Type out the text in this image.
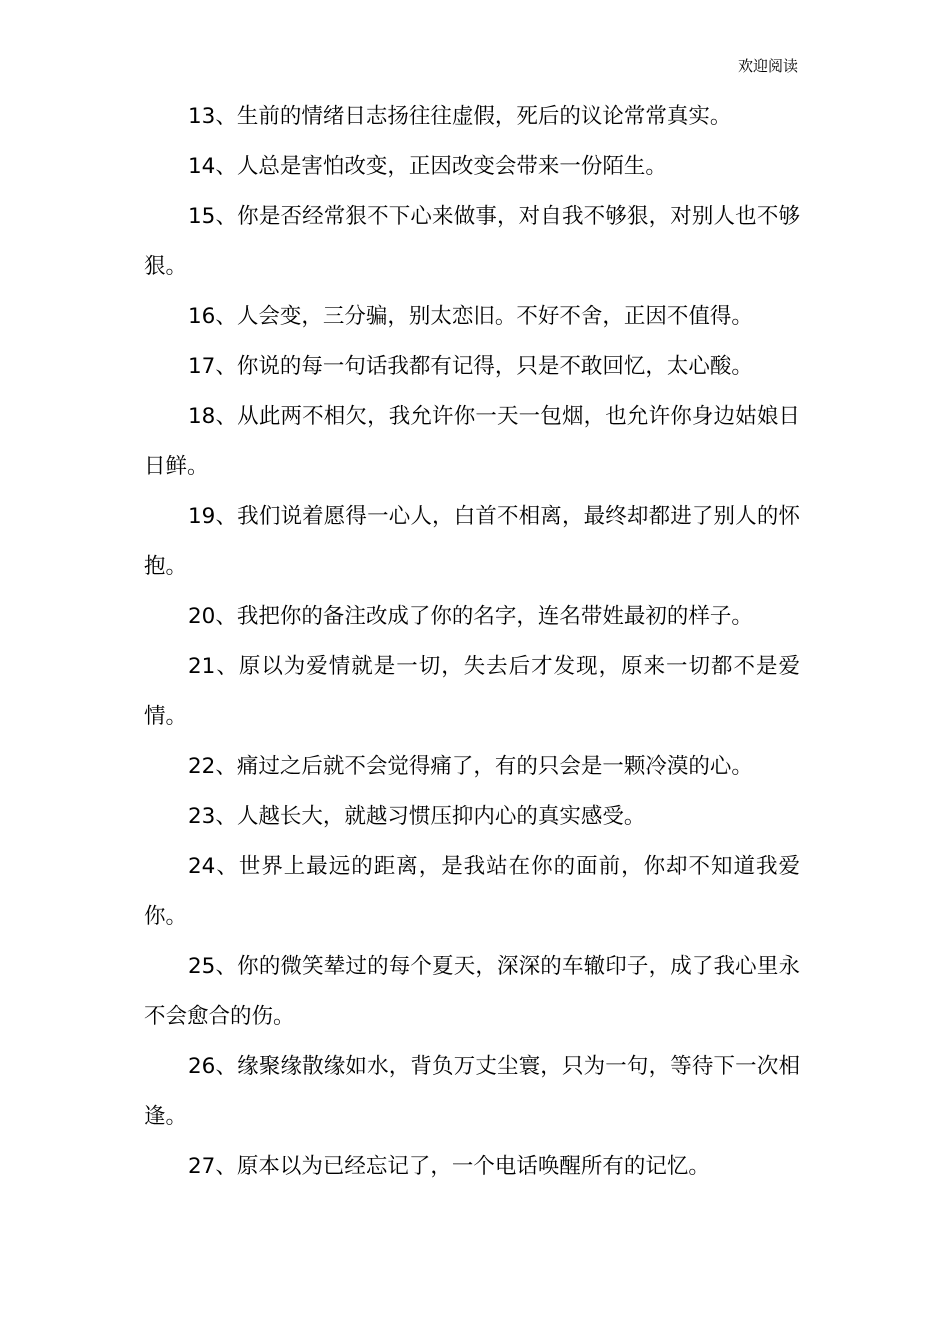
欢迎阅读

13、生前的情绪日志扬往往虚假，死后的议论常常真实。

14、人总是害怕改变，正因改变会带来一份陌生。

15、你是否经常狠不下心来做事，对自我不够狠，对别人也不够狠。

16、人会变，三分骗，别太恋旧。不好不舍，正因不值得。

17、你说的每一句话我都有记得，只是不敢回忆，太心酸。

18、从此两不相欠，我允许你一天一包烟，也允许你身边姑娘日日鲜。

19、我们说着愿得一心人，白首不相离，最终却都进了别人的怀抱。

20、我把你的备注改成了你的名字，连名带姓最初的样子。

21、原以为爱情就是一切，失去后才发现，原来一切都不是爱情。

22、痛过之后就不会觉得痛了，有的只会是一颗冷漠的心。

23、人越长大，就越习惯压抑内心的真实感受。

24、世界上最远的距离，是我站在你的面前，你却不知道我爱你。

25、你的微笑辇过的每个夏天，深深的车辙印子，成了我心里永不会愈合的伤。

26、缘聚缘散缘如水，背负万丈尘寰，只为一句，等待下一次相逢。

27、原本以为已经忘记了，一个电话唤醒所有的记忆。
